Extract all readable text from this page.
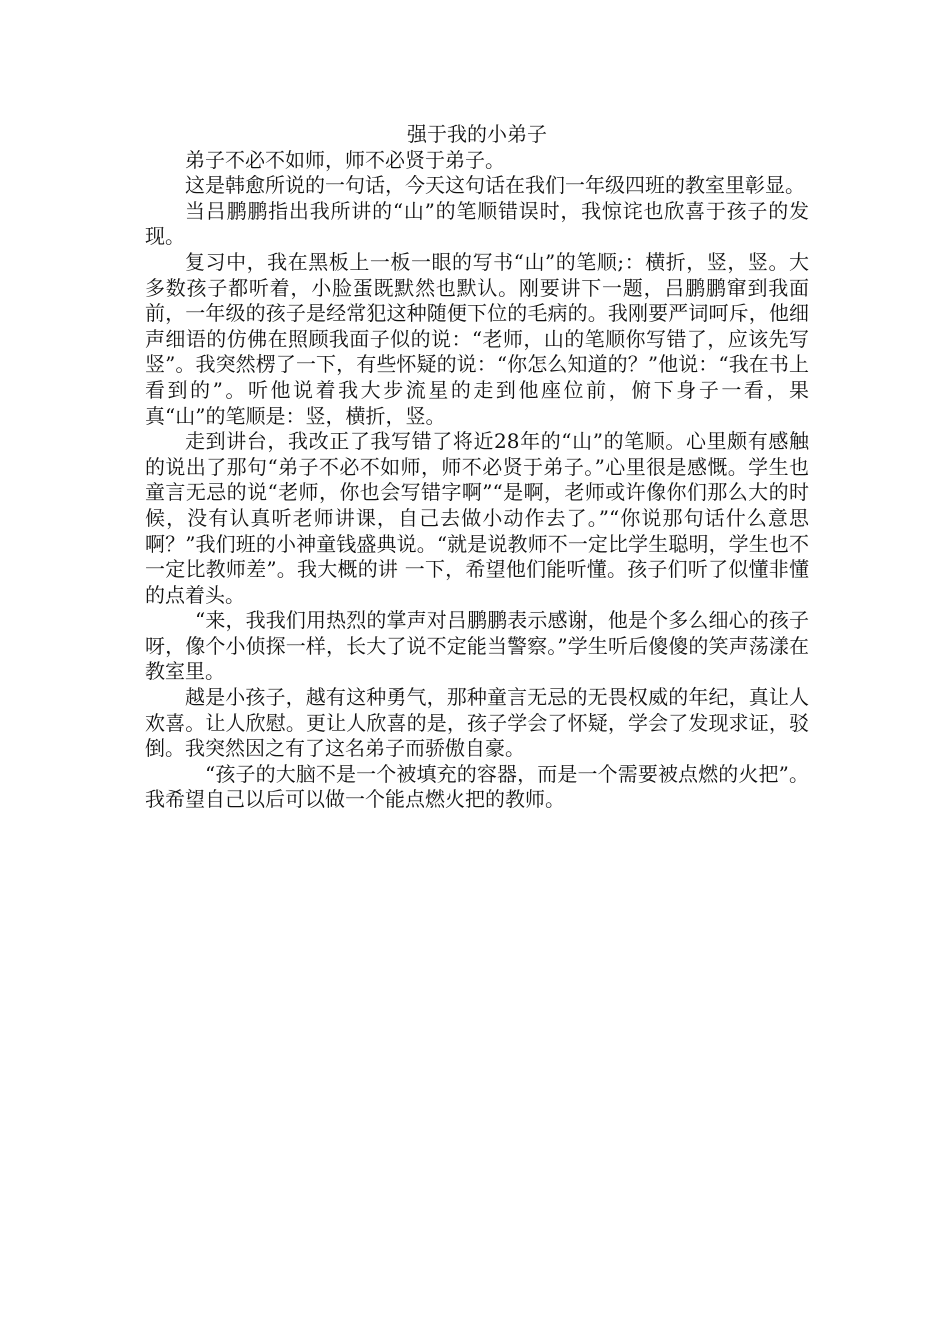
强于我的小弟子

弟子不必不如师，师不必贤于弟子。

这是韩愈所说的一句话，今天这句话在我们一年级四班的教室里彰显。

当吕鹏鹏指出我所讲的“山”的笔顺错误时，我惊诧也欣喜于孩子的发现。

复习中，我在黑板上一板一眼的写书“山”的笔顺;：横折，竖，竖。大多数孩子都听着，小脸蛋既默然也默认。刚要讲下一题，吕鹏鹏窜到我面前，一年级的孩子是经常犯这种随便下位的毛病的。我刚要严词呵斥，他细声细语的仿佛在照顾我面子似的说：“老师，山的笔顺你写错了，应该先写竖”。我突然楞了一下，有些怀疑的说：“你怎么知道的？”他说：“我在书上看到的”。听他说着我大步流星的走到他座位前，俯下身子一看，果真“山”的笔顺是：竖，横折，竖。

走到讲台，我改正了我写错了将近28年的“山”的笔顺。心里颇有感触的说出了那句“弟子不必不如师，师不必贤于弟子。”心里很是感慨。学生也童言无忌的说“老师，你也会写错字啊”“是啊，老师或许像你们那么大的时候，没有认真听老师讲课，自己去做小动作去了。”“你说那句话什么意思啊？”我们班的小神童钱盛典说。“就是说教师不一定比学生聪明，学生也不一定比教师差”。我大概的讲 一下，希望他们能听懂。孩子们听了似懂非懂的点着头。

“来，我我们用热烈的掌声对吕鹏鹏表示感谢，他是个多么细心的孩子呀，像个小侦探一样，长大了说不定能当警察。”学生听后傻傻的笑声荡漾在教室里。

越是小孩子，越有这种勇气，那种童言无忌的无畏权威的年纪，真让人欢喜。让人欣慰。更让人欣喜的是，孩子学会了怀疑，学会了发现求证，驳倒。我突然因之有了这名弟子而骄傲自豪。

“孩子的大脑不是一个被填充的容器，而是一个需要被点燃的火把”。我希望自己以后可以做一个能点燃火把的教师。
